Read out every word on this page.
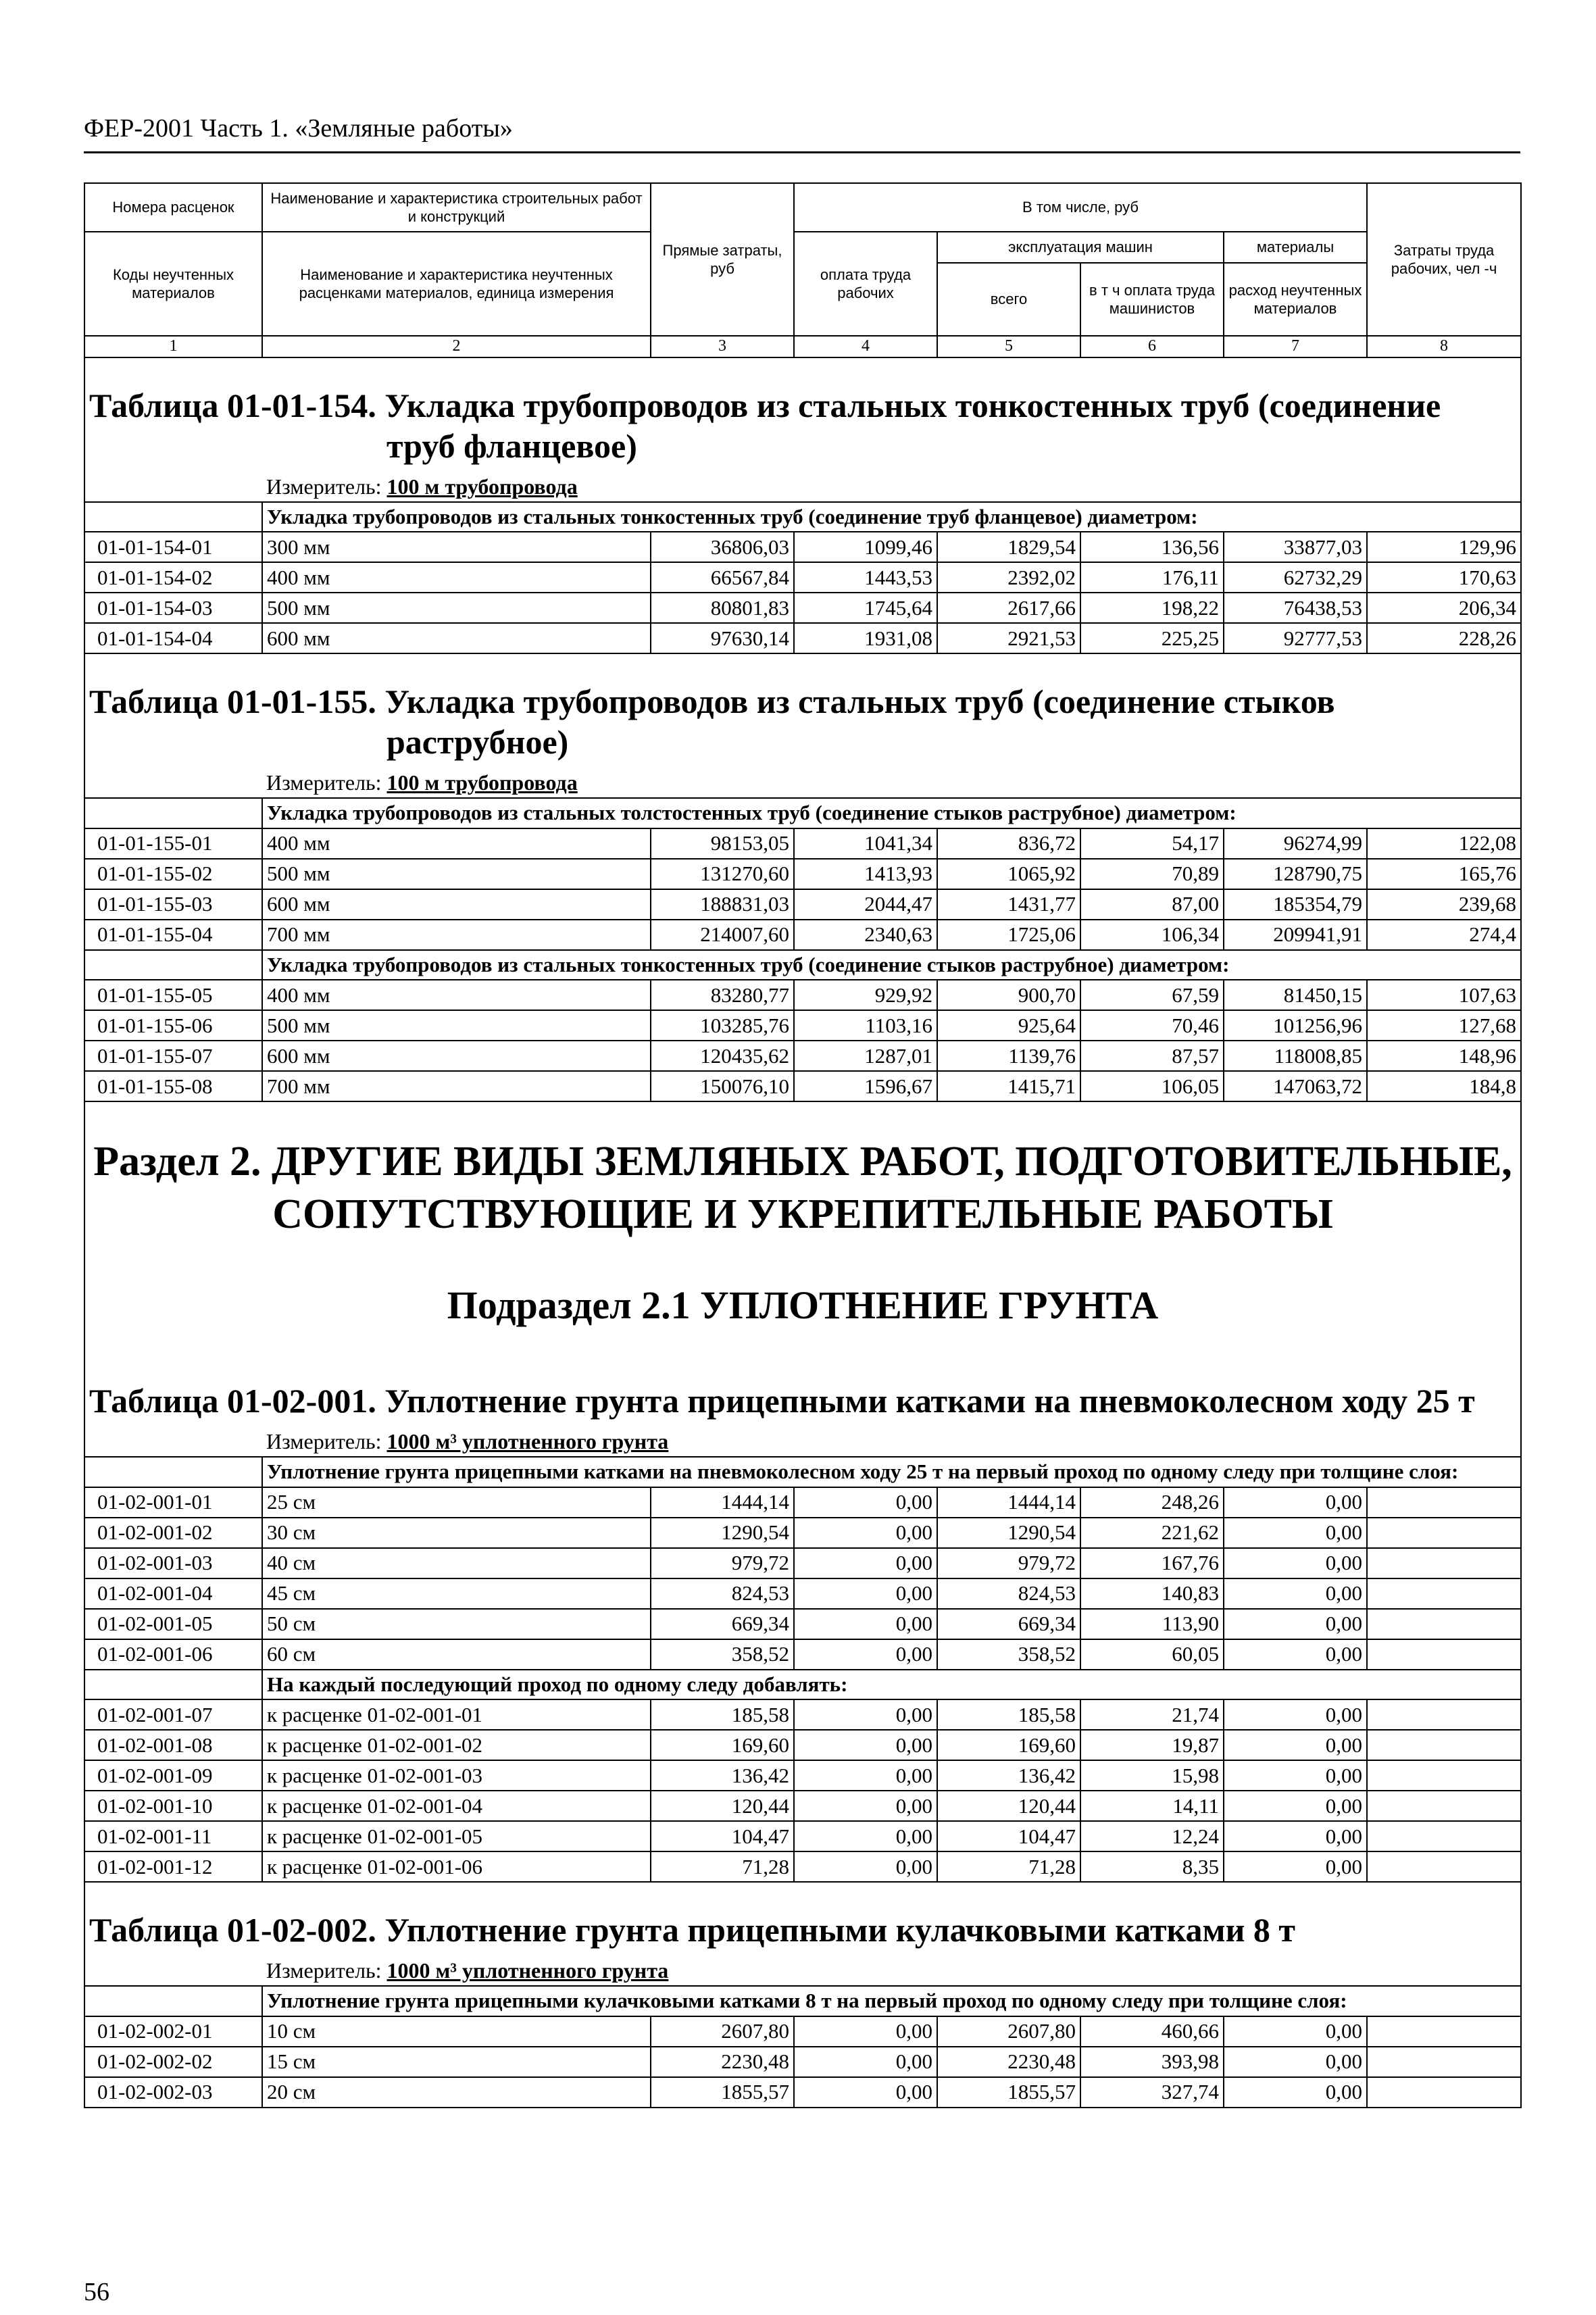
ФЕР-2001 Часть 1. «Земляные работы»
Номера расценок	Наименование и характеристика строительных работ и конструкций	Прямые затраты, руб	В том числе, руб				Затраты труда рабочих, чел -ч
Коды неучтенных материалов	Наименование и характеристика неучтенных расценками материалов, единица измерения		оплата труда рабочих	эксплуатация машин		материалы	
				всего	в т ч оплата труда машинистов	расход неучтенных материалов	
1	2	3	4	5	6	7	8
Таблица 01-01-154. Укладка трубопроводов из стальных тонкостенных труб (соединение
труб фланцевое)							

	Измеритель: 100 м трубопровода						
	Укладка трубопроводов из стальных тонкостенных труб (соединение труб фланцевое) диаметром:						
01-01-154-01	300 мм	36806,03	1099,46	1829,54	136,56	33877,03	129,96
01-01-154-02	400 мм	66567,84	1443,53	2392,02	176,11	62732,29	170,63
01-01-154-03	500 мм	80801,83	1745,64	2617,66	198,22	76438,53	206,34
01-01-154-04	600 мм	97630,14	1931,08	2921,53	225,25	92777,53	228,26
Таблица 01-01-155. Укладка трубопроводов из стальных труб (соединение стыков
раструбное)							

	Измеритель: 100 м трубопровода						
	Укладка трубопроводов из стальных толстостенных труб (соединение стыков раструбное) диаметром:						
01-01-155-01	400 мм	98153,05	1041,34	836,72	54,17	96274,99	122,08
01-01-155-02	500 мм	131270,60	1413,93	1065,92	70,89	128790,75	165,76
01-01-155-03	600 мм	188831,03	2044,47	1431,77	87,00	185354,79	239,68
01-01-155-04	700 мм	214007,60	2340,63	1725,06	106,34	209941,91	274,4
	Укладка трубопроводов из стальных тонкостенных труб (соединение стыков раструбное) диаметром:						
01-01-155-05	400 мм	83280,77	929,92	900,70	67,59	81450,15	107,63
01-01-155-06	500 мм	103285,76	1103,16	925,64	70,46	101256,96	127,68
01-01-155-07	600 мм	120435,62	1287,01	1139,76	87,57	118008,85	148,96
01-01-155-08	700 мм	150076,10	1596,67	1415,71	106,05	147063,72	184,8

Раздел 2. ДРУГИЕ ВИДЫ ЗЕМЛЯНЫХ РАБОТ, ПОДГОТОВИТЕЛЬНЫЕ,
СОПУТСТВУЮЩИЕ И УКРЕПИТЕЛЬНЫЕ РАБОТЫ							

Подраздел 2.1 УПЛОТНЕНИЕ ГРУНТА							
Таблица 01-02-001. Уплотнение грунта прицепными катками на пневмоколесном ходу 25 т							
	Измеритель: 1000 м³ уплотненного грунта						
	Уплотнение грунта прицепными катками на пневмоколесном ходу 25 т на первый проход по одному следу при толщине слоя:						
01-02-001-01	25 см	1444,14	0,00	1444,14	248,26	0,00	
01-02-001-02	30 см	1290,54	0,00	1290,54	221,62	0,00	
01-02-001-03	40 см	979,72	0,00	979,72	167,76	0,00	
01-02-001-04	45 см	824,53	0,00	824,53	140,83	0,00	
01-02-001-05	50 см	669,34	0,00	669,34	113,90	0,00	
01-02-001-06	60 см	358,52	0,00	358,52	60,05	0,00	
	На каждый последующий проход по одному следу добавлять:						
01-02-001-07	к расценке 01-02-001-01	185,58	0,00	185,58	21,74	0,00	
01-02-001-08	к расценке 01-02-001-02	169,60	0,00	169,60	19,87	0,00	
01-02-001-09	к расценке 01-02-001-03	136,42	0,00	136,42	15,98	0,00	
01-02-001-10	к расценке 01-02-001-04	120,44	0,00	120,44	14,11	0,00	
01-02-001-11	к расценке 01-02-001-05	104,47	0,00	104,47	12,24	0,00	
01-02-001-12	к расценке 01-02-001-06	71,28	0,00	71,28	8,35	0,00	
Таблица 01-02-002. Уплотнение грунта прицепными кулачковыми катками 8 т							
	Измеритель: 1000 м³ уплотненного грунта						
	Уплотнение грунта прицепными кулачковыми катками 8 т на первый проход по одному следу при толщине слоя:						
01-02-002-01	10 см	2607,80	0,00	2607,80	460,66	0,00	
01-02-002-02	15 см	2230,48	0,00	2230,48	393,98	0,00	
01-02-002-03	20 см	1855,57	0,00	1855,57	327,74	0,00	
56
